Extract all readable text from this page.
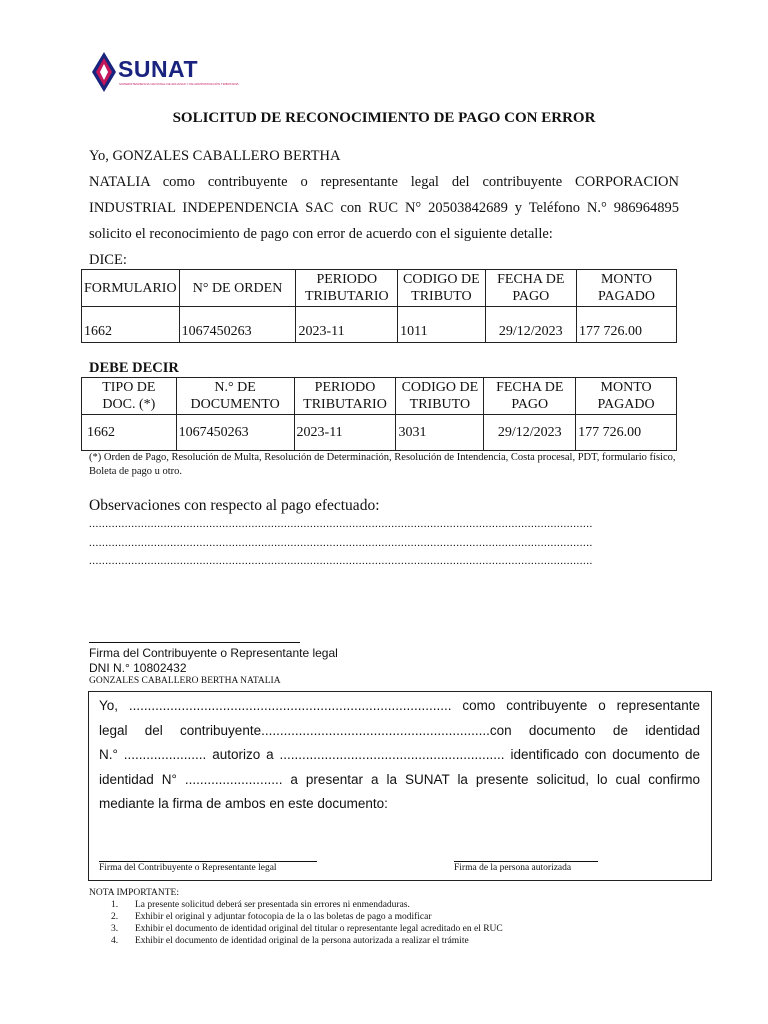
SUNAT
SUPERINTENDENCIA NACIONAL DE ADUANAS Y DE ADMINISTRACIÓN TRIBUTARIA
SOLICITUD DE RECONOCIMIENTO DE PAGO CON ERROR
Yo, GONZALES CABALLERO BERTHA
NATALIA como contribuyente o representante legal del contribuyente CORPORACION
INDUSTRIAL INDEPENDENCIA SAC con RUC N° 20503842689 y Teléfono N.° 986964895
solicito el reconocimiento de pago con error de acuerdo con el siguiente detalle:
DICE:
FORMULARIO	N° DE ORDEN	PERIODO TRIBUTARIO	CODIGO DE TRIBUTO	FECHA DE PAGO	MONTO PAGADO
1662	1067450263	2023-11	1011	29/12/2023	177 726.00
DEBE DECIR
TIPO DE DOC. (*)	N.° DE DOCUMENTO	PERIODO TRIBUTARIO	CODIGO DE TRIBUTO	FECHA DE PAGO	MONTO PAGADO
1662	1067450263	2023-11	3031	29/12/2023	177 726.00
(*) Orden de Pago, Resolución de Multa, Resolución de Determinación, Resolución de Intendencia, Costa procesal, PDT, formulario físico, Boleta de pago u otro.
Observaciones con respecto al pago efectuado:
...........................................................................................................................................................
...........................................................................................................................................................
...........................................................................................................................................................
Firma del Contribuyente o Representante legal
DNI N.° 10802432
GONZALES CABALLERO BERTHA NATALIA
Yo, ...................................................................................... como contribuyente o representante
legal del contribuyente.............................................................con documento de identidad
N.° ...................... autorizo a ............................................................ identificado con documento de
identidad N° .......................... a presentar a la SUNAT la presente solicitud, lo cual confirmo
mediante la firma de ambos en este documento:
Firma del Contribuyente o Representante legal	Firma de la persona autorizada
NOTA IMPORTANTE:
1.	La presente solicitud deberá ser presentada sin errores ni enmendaduras.
2.	Exhibir el original y adjuntar fotocopia de la o las boletas de pago a modificar
3.	Exhibir el documento de identidad original del titular o representante legal acreditado en el RUC
4.	Exhibir el documento de identidad original de la persona autorizada a realizar el trámite
